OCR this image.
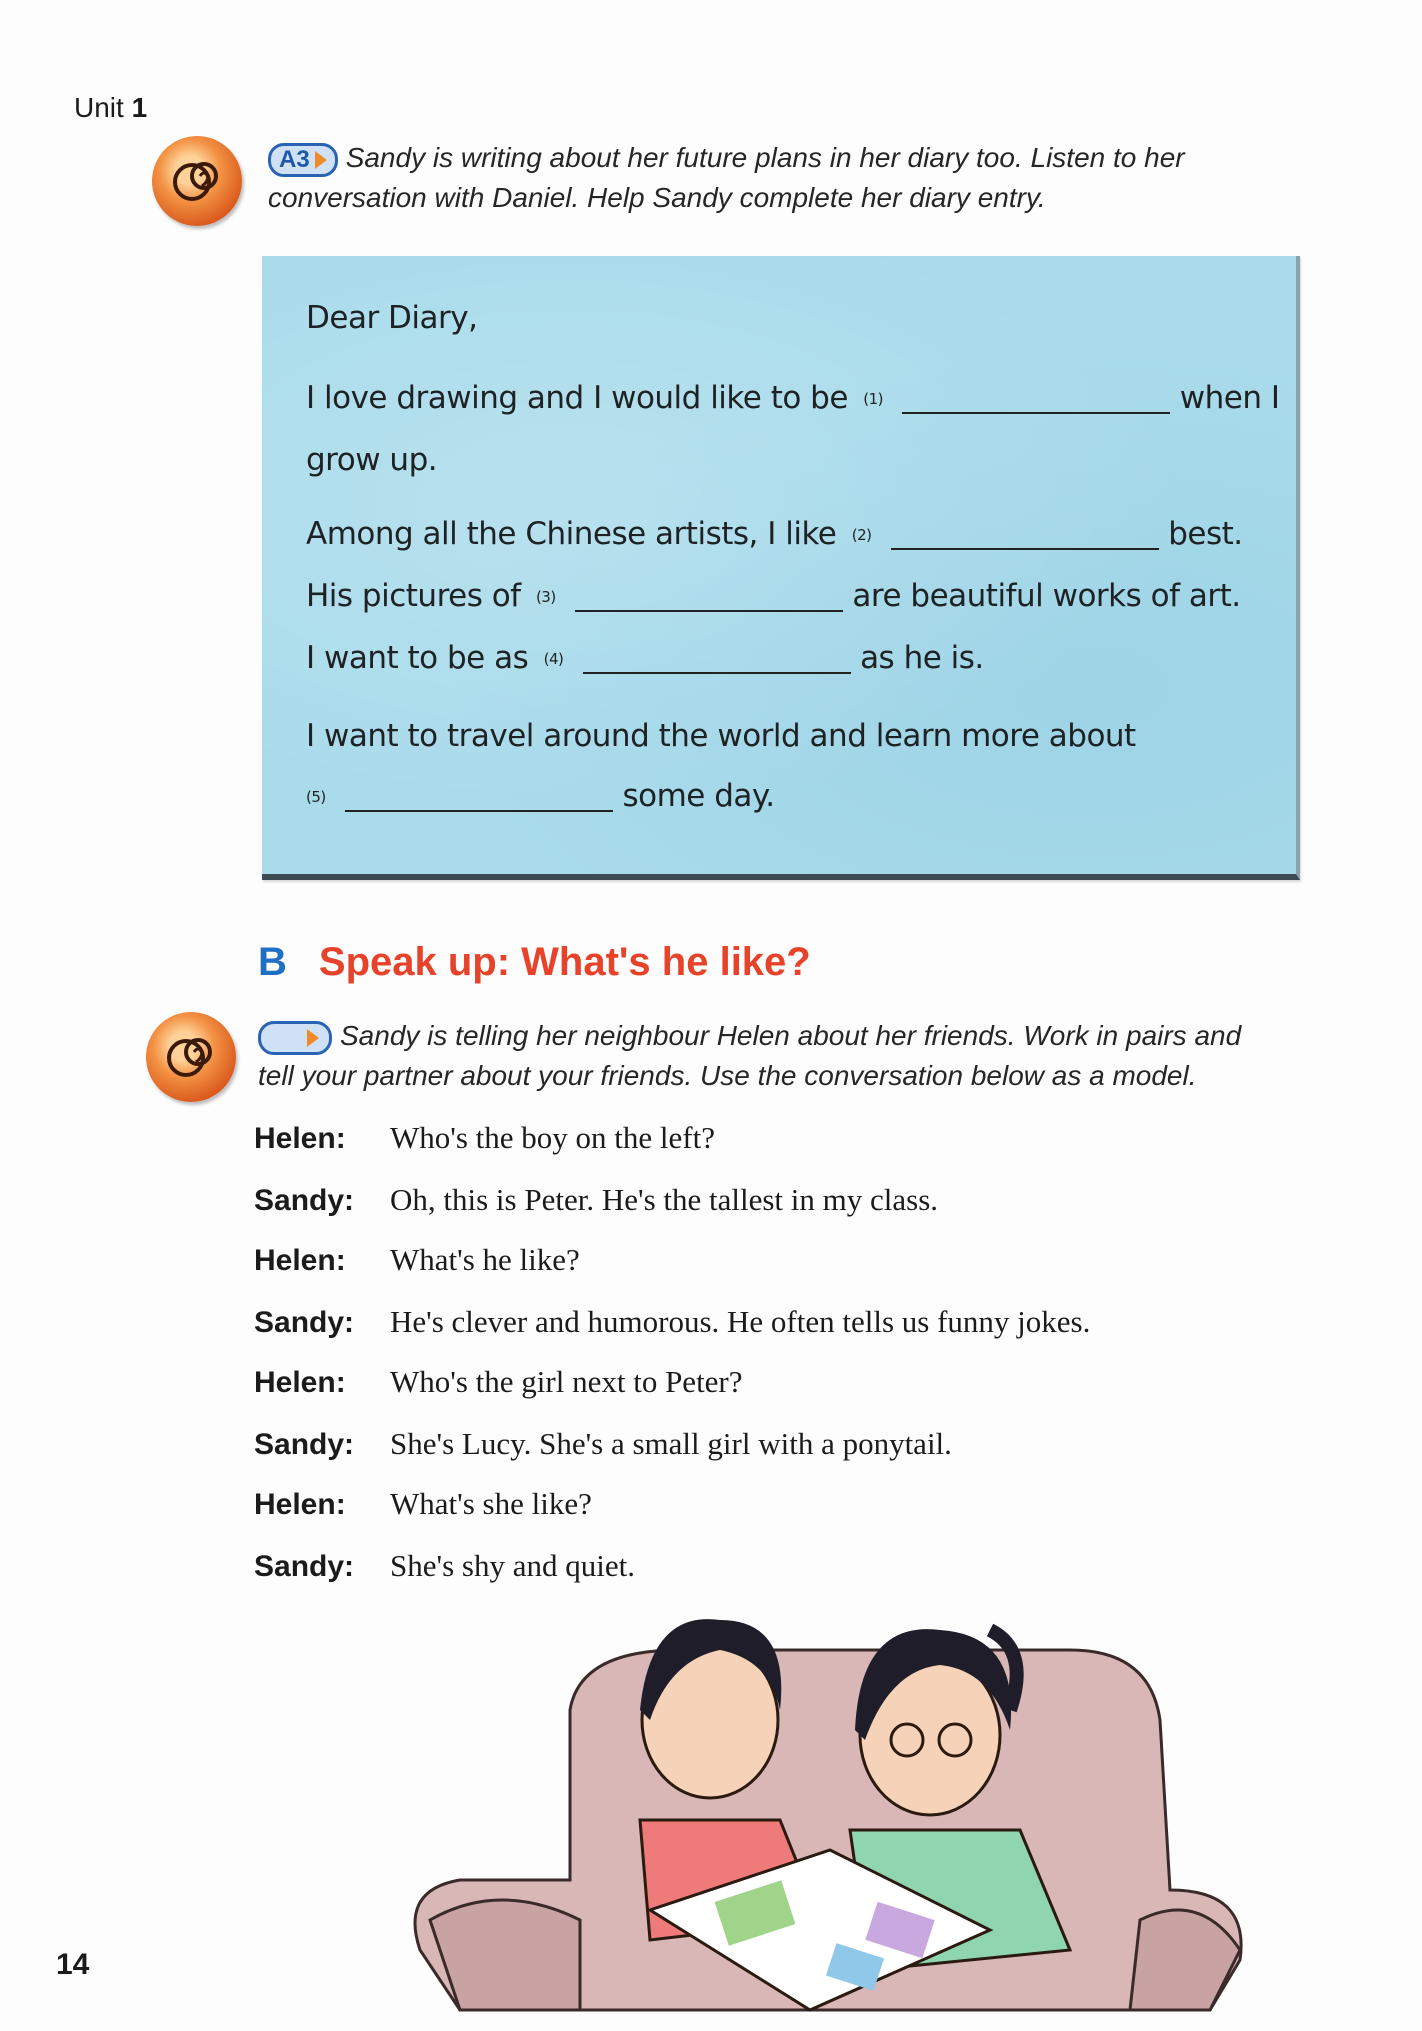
Unit 1
A3 Sandy is writing about her future plans in her diary too. Listen to her
conversation with Daniel. Help Sandy complete her diary entry.
Dear Diary,
I love drawing and I would like to be (1)	when I
grow up.
Among all the Chinese artists, I like (2)	best.
His pictures of (3)	are beautiful works of art.
I want to be as (4)	as he is.
I want to travel around the world and learn more about
(5)	some day.
B Speak up: What's he like?
Sandy is telling her neighbour Helen about her friends. Work in pairs and
tell your partner about your friends. Use the conversation below as a model.
Helen: Who's the boy on the left?
Sandy: Oh, this is Peter. He's the tallest in my class.
Helen: What's he like?
Sandy: He's clever and humorous. He often tells us funny jokes.
Helen: Who's the girl next to Peter?
Sandy: She's Lucy. She's a small girl with a ponytail.
Helen: What's she like?
Sandy: She's shy and quiet.
14
